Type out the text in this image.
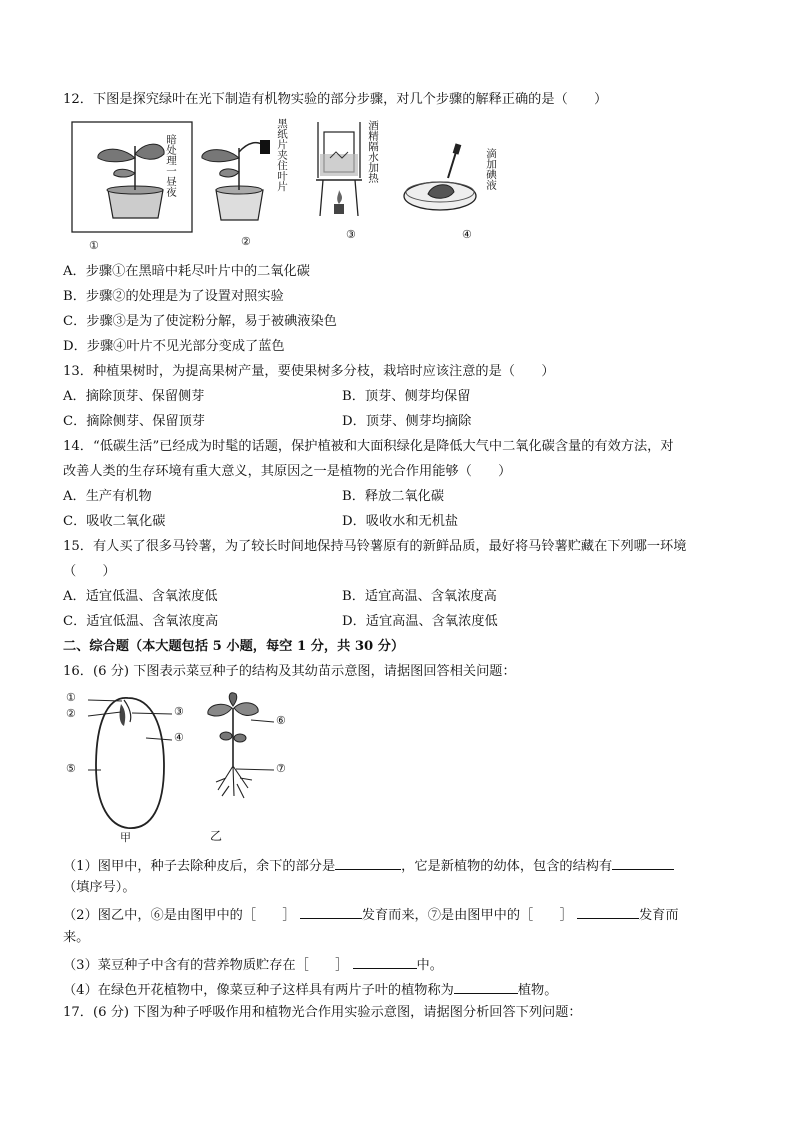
12．下图是探究绿叶在光下制造有机物实验的部分步骤，对几个步骤的解释正确的是（　　）
暗处理一昼夜	黑纸片夹住叶片	酒精隔水加热	滴加碘液
①	②
③	④
A．步骤①在黑暗中耗尽叶片中的二氧化碳
B．步骤②的处理是为了设置对照实验
C．步骤③是为了使淀粉分解，易于被碘液染色
D．步骤④叶片不见光部分变成了蓝色
13．种植果树时，为提高果树产量，要使果树多分枝，栽培时应该注意的是（　　）
A．摘除顶芽、保留侧芽	B．顶芽、侧芽均保留
C．摘除侧芽、保留顶芽	D．顶芽、侧芽均摘除
14．“低碳生活”已经成为时髦的话题，保护植被和大面积绿化是降低大气中二氧化碳含量的有效方法，对
改善人类的生存环境有重大意义，其原因之一是植物的光合作用能够（　　）
A．生产有机物	B．释放二氧化碳
C．吸收二氧化碳	D．吸收水和无机盐
15．有人买了很多马铃薯，为了较长时间地保持马铃薯原有的新鲜品质，最好将马铃薯贮藏在下列哪一环境
（　　）
A．适宜低温、含氧浓度低	B．适宜高温、含氧浓度高
C．适宜低温、含氧浓度高	D．适宜高温、含氧浓度低
二、综合题（本大题包括 5 小题，每空 1 分，共 30 分）
16．(6 分) 下图表示菜豆种子的结构及其幼苗示意图，请据图回答相关问题：
①
②	③
④
⑤
⑥
⑦
甲	乙
（1）图甲中，种子去除种皮后，余下的部分是	，它是新植物的幼体，包含的结构有
（填序号）。
（2）图乙中，⑥是由图甲中的［　　］	发育而来，⑦是由图甲中的［　　］	发育而
来。
（3）菜豆种子中含有的营养物质贮存在［　　］	中。
（4）在绿色开花植物中，像菜豆种子这样具有两片子叶的植物称为	植物。
17．(6 分) 下图为种子呼吸作用和植物光合作用实验示意图，请据图分析回答下列问题：
